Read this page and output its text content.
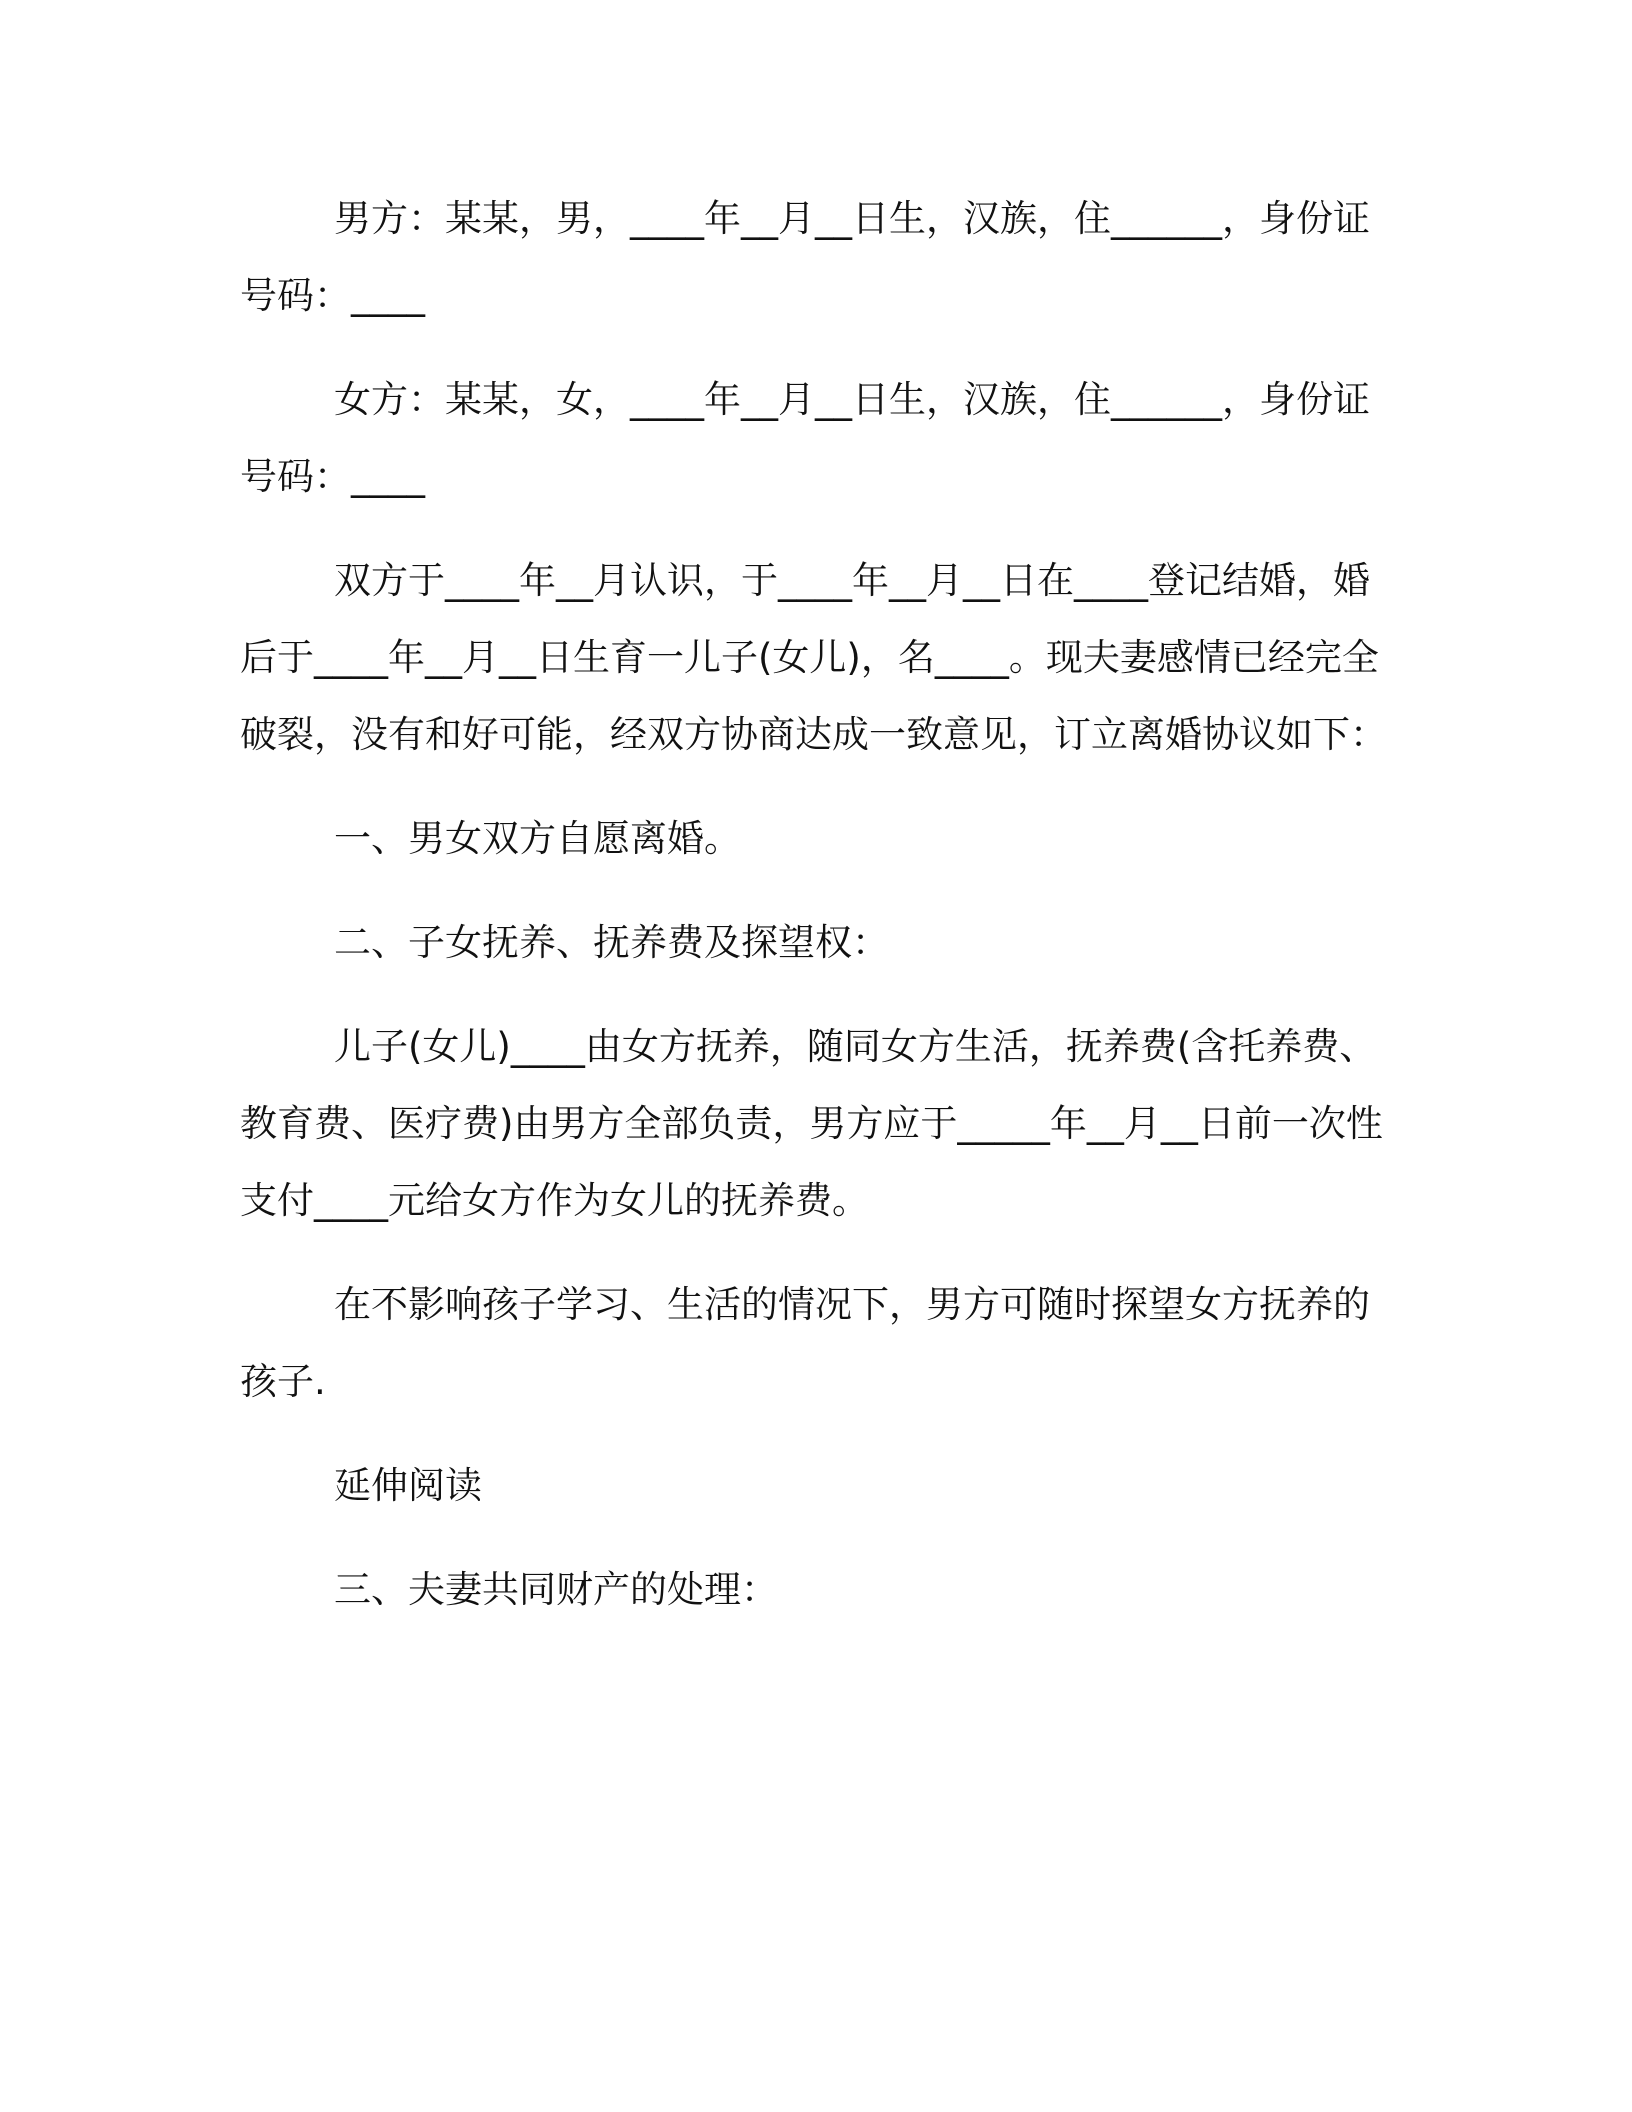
男方：某某，男，____年__月__日生，汉族，住______，身份证号码：____

女方：某某，女，____年__月__日生，汉族，住______，身份证号码：____

双方于____年__月认识，于____年__月__日在____登记结婚，婚后于____年__月__日生育一儿子(女儿)，名____。现夫妻感情已经完全破裂，没有和好可能，经双方协商达成一致意见，订立离婚协议如下：

一、男女双方自愿离婚。

二、子女抚养、抚养费及探望权：

儿子(女儿)____由女方抚养，随同女方生活，抚养费(含托养费、教育费、医疗费)由男方全部负责，男方应于_____年__月__日前一次性支付____元给女方作为女儿的抚养费。

在不影响孩子学习、生活的情况下，男方可随时探望女方抚养的孩子.

延伸阅读

三、夫妻共同财产的处理：
